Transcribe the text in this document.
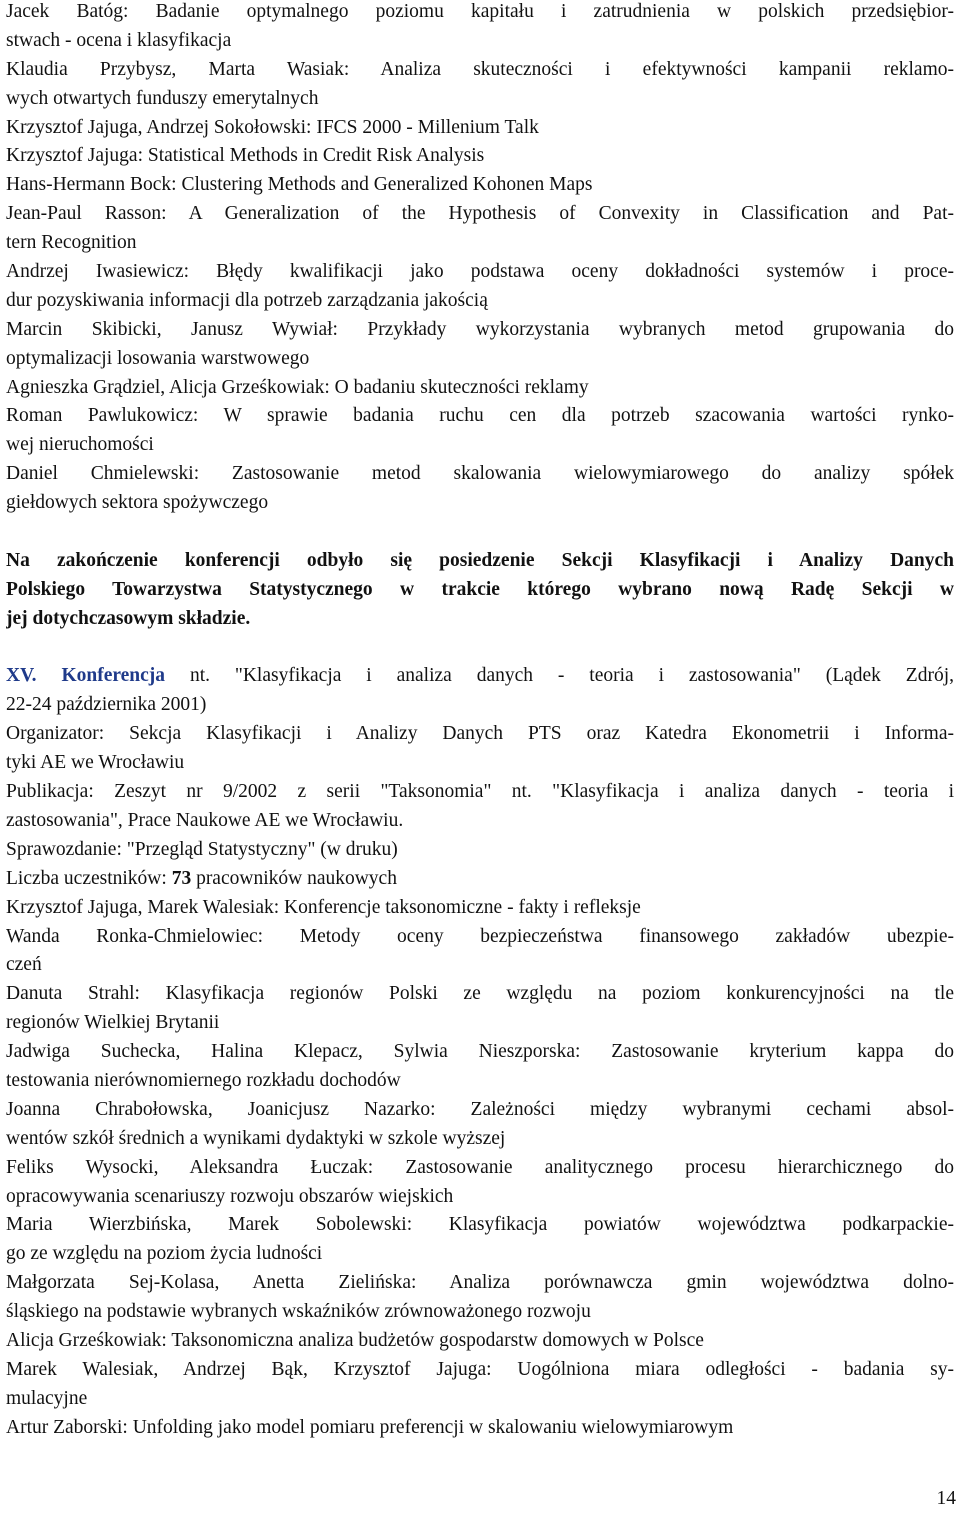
Jacek Batóg: Badanie optymalnego poziomu kapitału i zatrudnienia w polskich przedsiębior-
stwach - ocena i klasyfikacja
Klaudia Przybysz, Marta Wasiak: Analiza skuteczności i efektywności kampanii reklamo-
wych otwartych funduszy emerytalnych
Krzysztof Jajuga, Andrzej Sokołowski: IFCS 2000 - Millenium Talk
Krzysztof Jajuga: Statistical Methods in Credit Risk Analysis
Hans-Hermann Bock: Clustering Methods and Generalized Kohonen Maps
Jean-Paul Rasson: A Generalization of the Hypothesis of Convexity in Classification and Pat-
tern Recognition
Andrzej Iwasiewicz: Błędy kwalifikacji jako podstawa oceny dokładności systemów i proce-
dur pozyskiwania informacji dla potrzeb zarządzania jakością
Marcin Skibicki, Janusz Wywiał: Przykłady wykorzystania wybranych metod grupowania do
optymalizacji losowania warstwowego
Agnieszka Grądziel, Alicja Grześkowiak: O badaniu skuteczności reklamy
Roman Pawlukowicz: W sprawie badania ruchu cen dla potrzeb szacowania wartości rynko-
wej nieruchomości
Daniel Chmielewski: Zastosowanie metod skalowania wielowymiarowego do analizy spółek
giełdowych sektora spożywczego
Na zakończenie konferencji odbyło się posiedzenie Sekcji Klasyfikacji i Analizy Danych
Polskiego Towarzystwa Statystycznego w trakcie którego wybrano nową Radę Sekcji w
jej dotychczasowym składzie.
XV. Konferencja nt. "Klasyfikacja i analiza danych - teoria i zastosowania" (Lądek Zdrój,
22-24 października 2001)
Organizator: Sekcja Klasyfikacji i Analizy Danych PTS oraz Katedra Ekonometrii i Informa-
tyki AE we Wrocławiu
Publikacja: Zeszyt nr 9/2002 z serii "Taksonomia" nt. "Klasyfikacja i analiza danych - teoria i
zastosowania", Prace Naukowe AE we Wrocławiu.
Sprawozdanie: "Przegląd Statystyczny" (w druku)
Liczba uczestników: 73 pracowników naukowych
Krzysztof Jajuga, Marek Walesiak: Konferencje taksonomiczne - fakty i refleksje
Wanda Ronka-Chmielowiec: Metody oceny bezpieczeństwa finansowego zakładów ubezpie-
czeń
Danuta Strahl: Klasyfikacja regionów Polski ze względu na poziom konkurencyjności na tle
regionów Wielkiej Brytanii
Jadwiga Suchecka, Halina Klepacz, Sylwia Nieszporska: Zastosowanie kryterium kappa do
testowania nierównomiernego rozkładu dochodów
Joanna Chrabołowska, Joanicjusz Nazarko: Zależności między wybranymi cechami absol-
wentów szkół średnich a wynikami dydaktyki w szkole wyższej
Feliks Wysocki, Aleksandra Łuczak: Zastosowanie analitycznego procesu hierarchicznego do
opracowywania scenariuszy rozwoju obszarów wiejskich
Maria Wierzbińska, Marek Sobolewski: Klasyfikacja powiatów województwa podkarpackie-
go ze względu na poziom życia ludności
Małgorzata Sej-Kolasa, Anetta Zielińska: Analiza porównawcza gmin województwa dolno-
śląskiego na podstawie wybranych wskaźników zrównoważonego rozwoju
Alicja Grześkowiak: Taksonomiczna analiza budżetów gospodarstw domowych w Polsce
Marek Walesiak, Andrzej Bąk, Krzysztof Jajuga: Uogólniona miara odległości - badania sy-
mulacyjne
Artur Zaborski: Unfolding jako model pomiaru preferencji w skalowaniu wielowymiarowym
14
